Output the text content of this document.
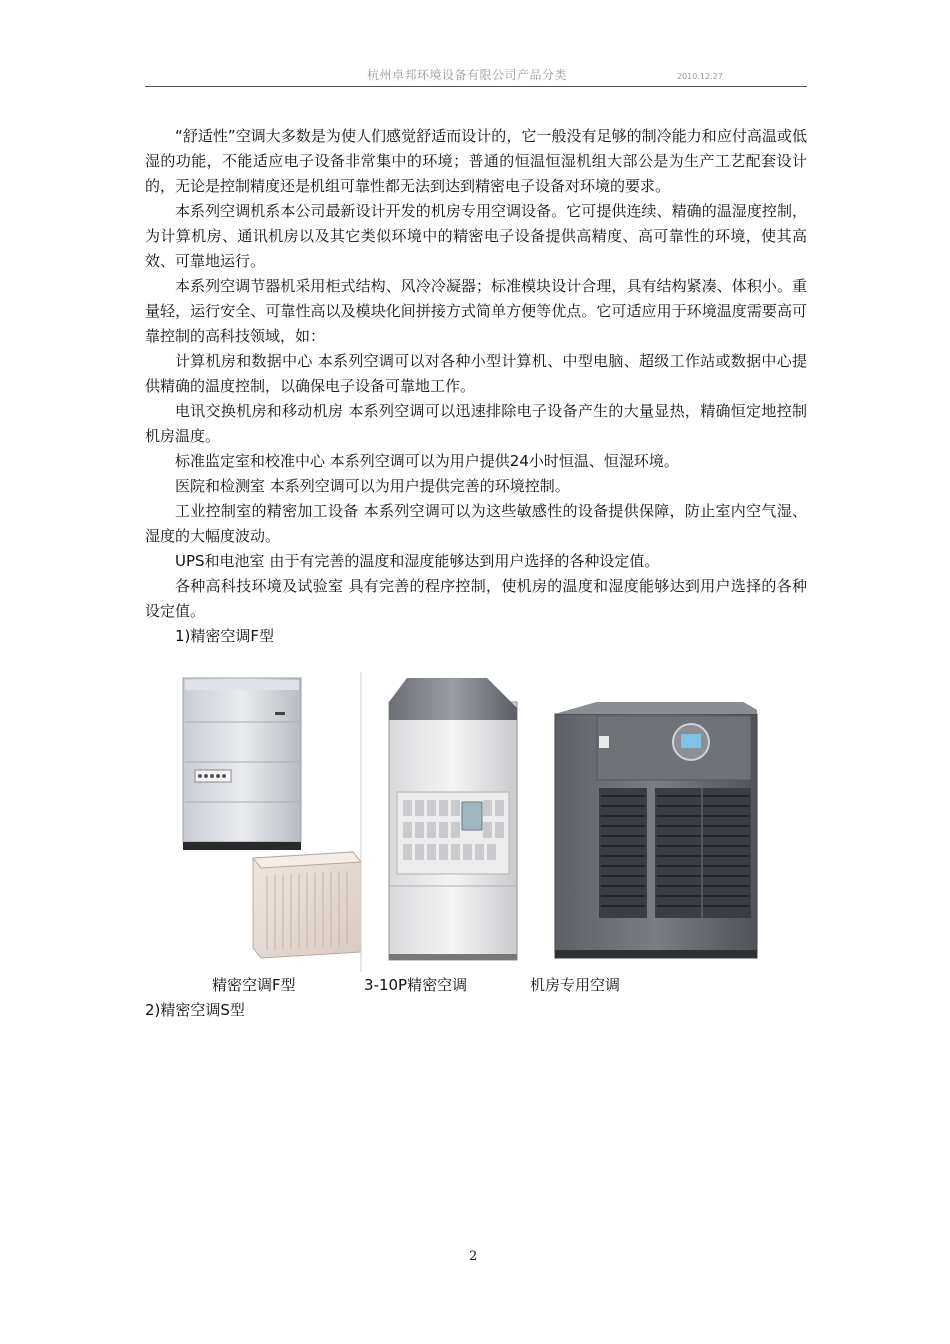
杭州卓邦环境设备有限公司产品分类	2010.12.27

“舒适性”空调大多数是为使人们感觉舒适而设计的，它一般没有足够的制冷能力和应付高温或低湿的功能，不能适应电子设备非常集中的环境；普通的恒温恒湿机组大部公是为生产工艺配套设计的，无论是控制精度还是机组可靠性都无法到达到精密电子设备对环境的要求。

本系列空调机系本公司最新设计开发的机房专用空调设备。它可提供连续、精确的温湿度控制，为计算机房、通讯机房以及其它类似环境中的精密电子设备提供高精度、高可靠性的环境，使其高效、可靠地运行。

本系列空调节器机采用柜式结构、风冷冷凝器；标准模块设计合理，具有结构紧凑、体积小。重量轻，运行安全、可靠性高以及模块化间拼接方式简单方便等优点。它可适应用于环境温度需要高可靠控制的高科技领域，如：

计算机房和数据中心 本系列空调可以对各种小型计算机、中型电脑、超级工作站或数据中心提供精确的温度控制，以确保电子设备可靠地工作。

电讯交换机房和移动机房 本系列空调可以迅速排除电子设备产生的大量显热，精确恒定地控制机房温度。

标准监定室和校准中心 本系列空调可以为用户提供24小时恒温、恒湿环境。

医院和检测室 本系列空调可以为用户提供完善的环境控制。

工业控制室的精密加工设备 本系列空调可以为这些敏感性的设备提供保障，防止室内空气湿、湿度的大幅度波动。

UPS和电池室 由于有完善的温度和湿度能够达到用户选择的各种设定值。

各种高科技环境及试验室 具有完善的程序控制，使机房的温度和湿度能够达到用户选择的各种设定值。

1)精密空调F型

精密空调F型	3-10P精密空调	机房专用空调
2)精密空调S型
2
